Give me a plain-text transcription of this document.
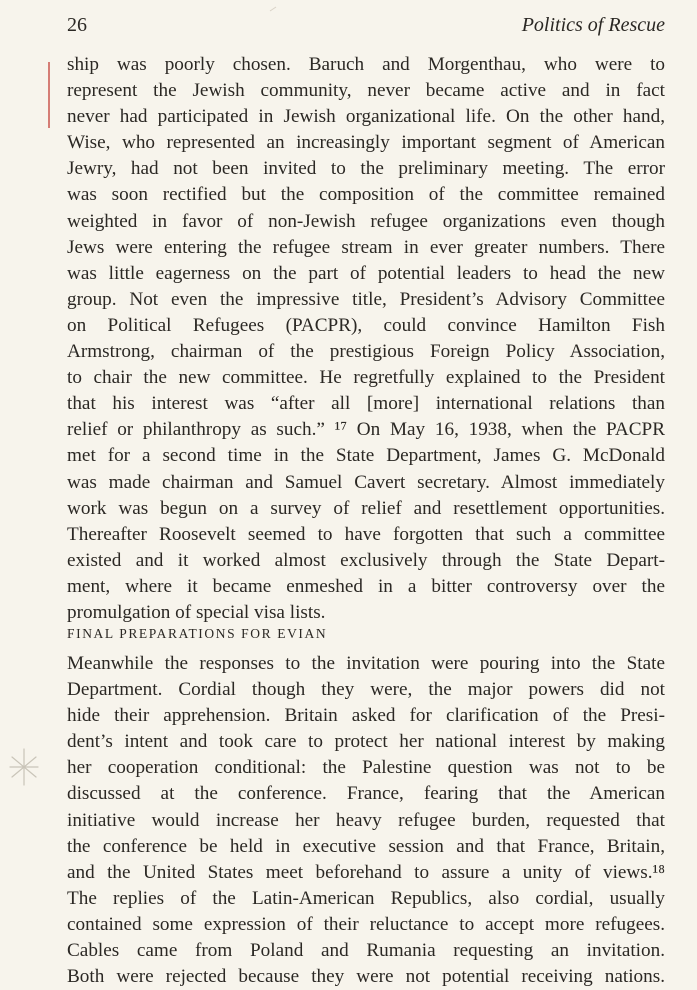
26	Politics of Rescue
ship was poorly chosen. Baruch and Morgenthau, who were to
represent the Jewish community, never became active and in fact
never had participated in Jewish organizational life. On the other hand,
Wise, who represented an increasingly important segment of American
Jewry, had not been invited to the preliminary meeting. The error
was soon rectified but the composition of the committee remained
weighted in favor of non-Jewish refugee organizations even though
Jews were entering the refugee stream in ever greater numbers. There
was little eagerness on the part of potential leaders to head the new
group. Not even the impressive title, President’s Advisory Committee
on Political Refugees (PACPR), could convince Hamilton Fish
Armstrong, chairman of the prestigious Foreign Policy Association,
to chair the new committee. He regretfully explained to the President
that his interest was “after all [more] international relations than
relief or philanthropy as such.” ¹⁷ On May 16, 1938, when the PACPR
met for a second time in the State Department, James G. McDonald
was made chairman and Samuel Cavert secretary. Almost immediately
work was begun on a survey of relief and resettlement opportunities.
Thereafter Roosevelt seemed to have forgotten that such a committee
existed and it worked almost exclusively through the State Depart-
ment, where it became enmeshed in a bitter controversy over the
promulgation of special visa lists.
FINAL PREPARATIONS FOR EVIAN
Meanwhile the responses to the invitation were pouring into the State
Department. Cordial though they were, the major powers did not
hide their apprehension. Britain asked for clarification of the Presi-
dent’s intent and took care to protect her national interest by making
her cooperation conditional: the Palestine question was not to be
discussed at the conference. France, fearing that the American
initiative would increase her heavy refugee burden, requested that
the conference be held in executive session and that France, Britain,
and the United States meet beforehand to assure a unity of views.¹⁸
The replies of the Latin-American Republics, also cordial, usually
contained some expression of their reluctance to accept more refugees.
Cables came from Poland and Rumania requesting an invitation.
Both were rejected because they were not potential receiving nations.
